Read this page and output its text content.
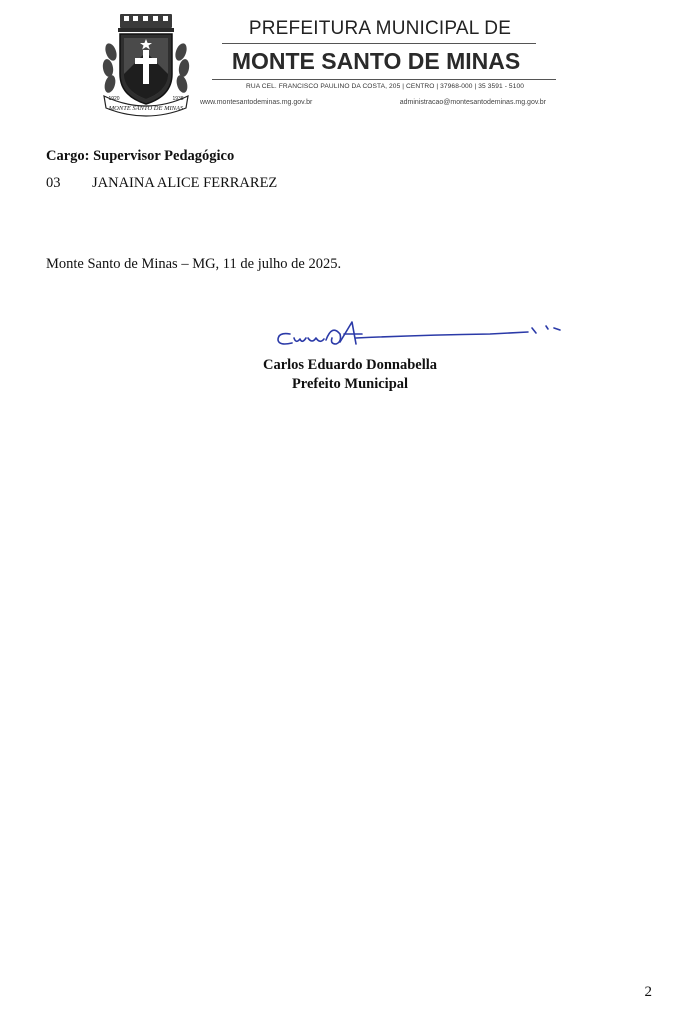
MONTE SANTO DE MINAS
1920	1938
PREFEITURA MUNICIPAL DE
MONTE SANTO DE MINAS
RUA CEL. FRANCISCO PAULINO DA COSTA, 205 | CENTRO | 37968-000 | 35 3591 - 5100
www.montesantodeminas.mg.gov.br	administracao@montesantodeminas.mg.gov.br
Cargo: Supervisor Pedagógico
03 JANAINA ALICE FERRAREZ
Monte Santo de Minas – MG, 11 de julho de 2025.
Carlos Eduardo Donnabella
Prefeito Municipal
2
